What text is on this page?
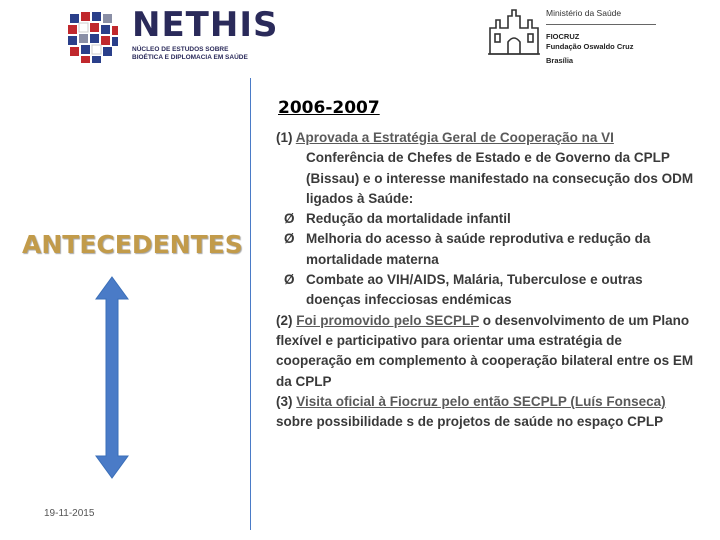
NETHIS
NÚCLEO DE ESTUDOS SOBRE
BIOÉTICA E DIPLOMACIA EM SAÚDE
Ministério da Saúde
FIOCRUZ
Fundação Oswaldo Cruz
Brasília
ANTECEDENTES
19-11-2015
2006-2007

(1) Aprovada a Estratégia Geral de Cooperação na VI

Conferência de Chefes de Estado e de Governo da CPLP (Bissau) e o interesse manifestado na consecução dos ODM ligados à Saúde:

Ø Redução da mortalidade infantil

Ø Melhoria do acesso à saúde reprodutiva e redução da mortalidade materna

Ø Combate ao VIH/AIDS, Malária, Tuberculose e outras doenças infecciosas endémicas

(2) Foi promovido pelo SECPLP o desenvolvimento de um Plano flexível e participativo para orientar uma estratégia de cooperação em complemento à cooperação bilateral entre os EM da CPLP

(3) Visita oficial à Fiocruz pelo então SECPLP (Luís Fonseca) sobre possibilidade s de projetos de saúde no espaço CPLP
